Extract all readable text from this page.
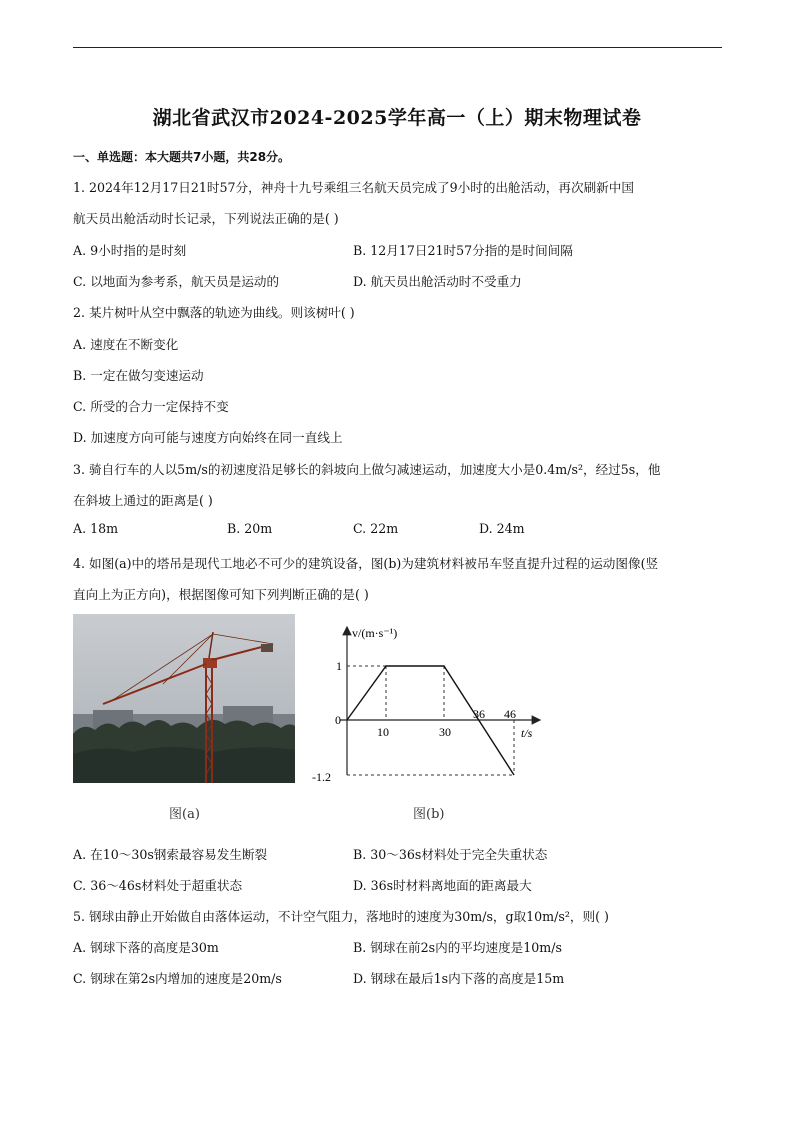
湖北省武汉市2024-2025学年高一（上）期末物理试卷
一、单选题：本大题共7小题，共28分。
1. 2024年12月17日21时57分，神舟十九号乘组三名航天员完成了9小时的出舱活动，再次刷新中国
航天员出舱活动时长记录，下列说法正确的是( )
A. 9小时指的是时刻	B. 12月17日21时57分指的是时间间隔
C. 以地面为参考系，航天员是运动的	D. 航天员出舱活动时不受重力
2. 某片树叶从空中飘落的轨迹为曲线。则该树叶( )
A. 速度在不断变化
B. 一定在做匀变速运动
C. 所受的合力一定保持不变
D. 加速度方向可能与速度方向始终在同一直线上
3. 骑自行车的人以5m/s的初速度沿足够长的斜坡向上做匀减速运动，加速度大小是0.4m/s²，经过5s，他
在斜坡上通过的距离是( )
A. 18m	B. 20m	C. 22m	D. 24m
4. 如图(a)中的塔吊是现代工地必不可少的建筑设备，图(b)为建筑材料被吊车竖直提升过程的运动图像(竖
直向上为正方向)，根据图像可知下列判断正确的是( )
v/(m·s⁻¹)
t/s
0
1
-1.2
10	30
36 46
图(a)	图(b)
A. 在10～30s钢索最容易发生断裂	B. 30～36s材料处于完全失重状态
C. 36～46s材料处于超重状态	D. 36s时材料离地面的距离最大
5. 钢球由静止开始做自由落体运动，不计空气阻力，落地时的速度为30m/s，g取10m/s²，则( )
A. 钢球下落的高度是30m	B. 钢球在前2s内的平均速度是10m/s
C. 钢球在第2s内增加的速度是20m/s	D. 钢球在最后1s内下落的高度是15m
